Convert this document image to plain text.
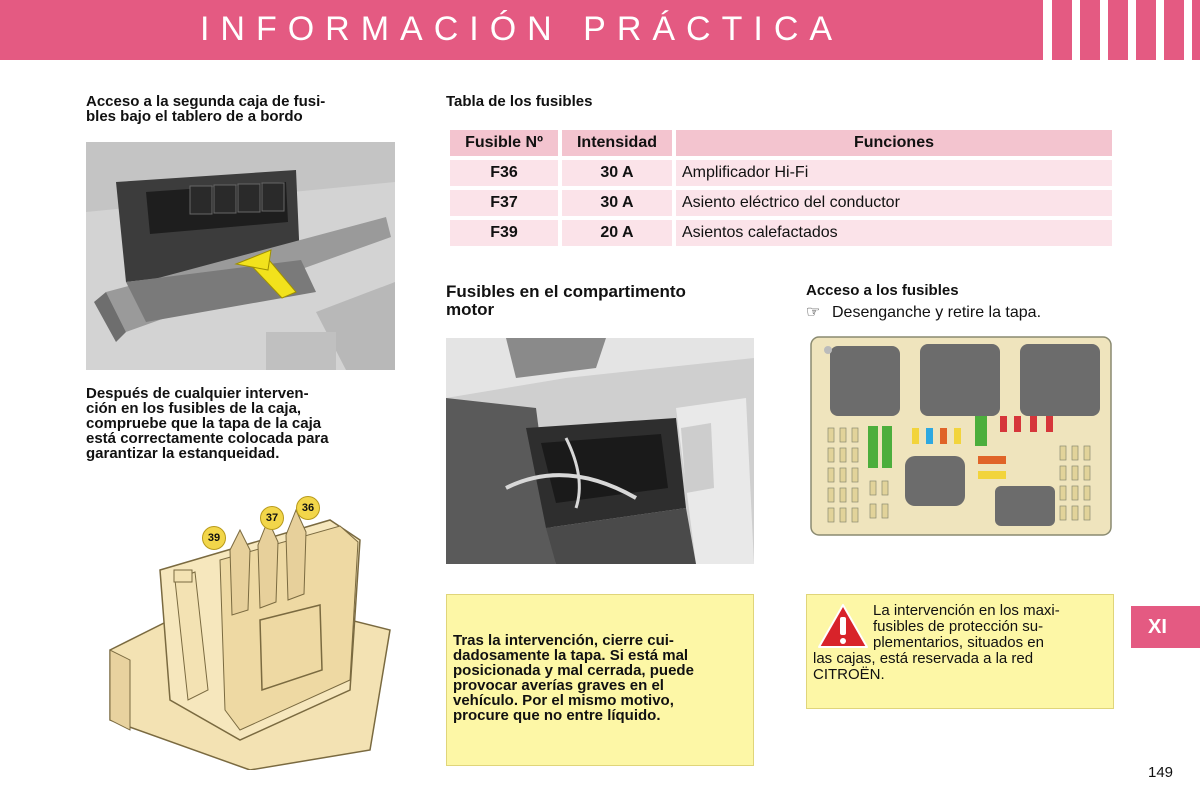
INFORMACIÓN PRÁCTICA
Acceso a la segunda caja de fusi-
bles bajo el tablero de a bordo
Después de cualquier interven-
ción en los fusibles de la caja,
compruebe que la tapa de la caja
está correctamente colocada para
garantizar la estanqueidad.
39
37
36
Tabla de los fusibles
Fusible Nº	Intensidad	Funciones
F36	30 A	Amplificador Hi-Fi
F37	30 A	Asiento eléctrico del conductor
F39	20 A	Asientos calefactados
Fusibles en el compartimento
motor
Acceso a los fusibles
☞ Desenganche y retire la tapa.
Tras la intervención, cierre cui-
dadosamente la tapa. Si está mal
posicionada y mal cerrada, puede
provocar averías graves en el
vehículo. Por el mismo motivo,
procure que no entre líquido.
La intervención en los maxi-
fusibles de protección su-
plementarios, situados en
las cajas, está reservada a la red
CITROËN.
XI
149
